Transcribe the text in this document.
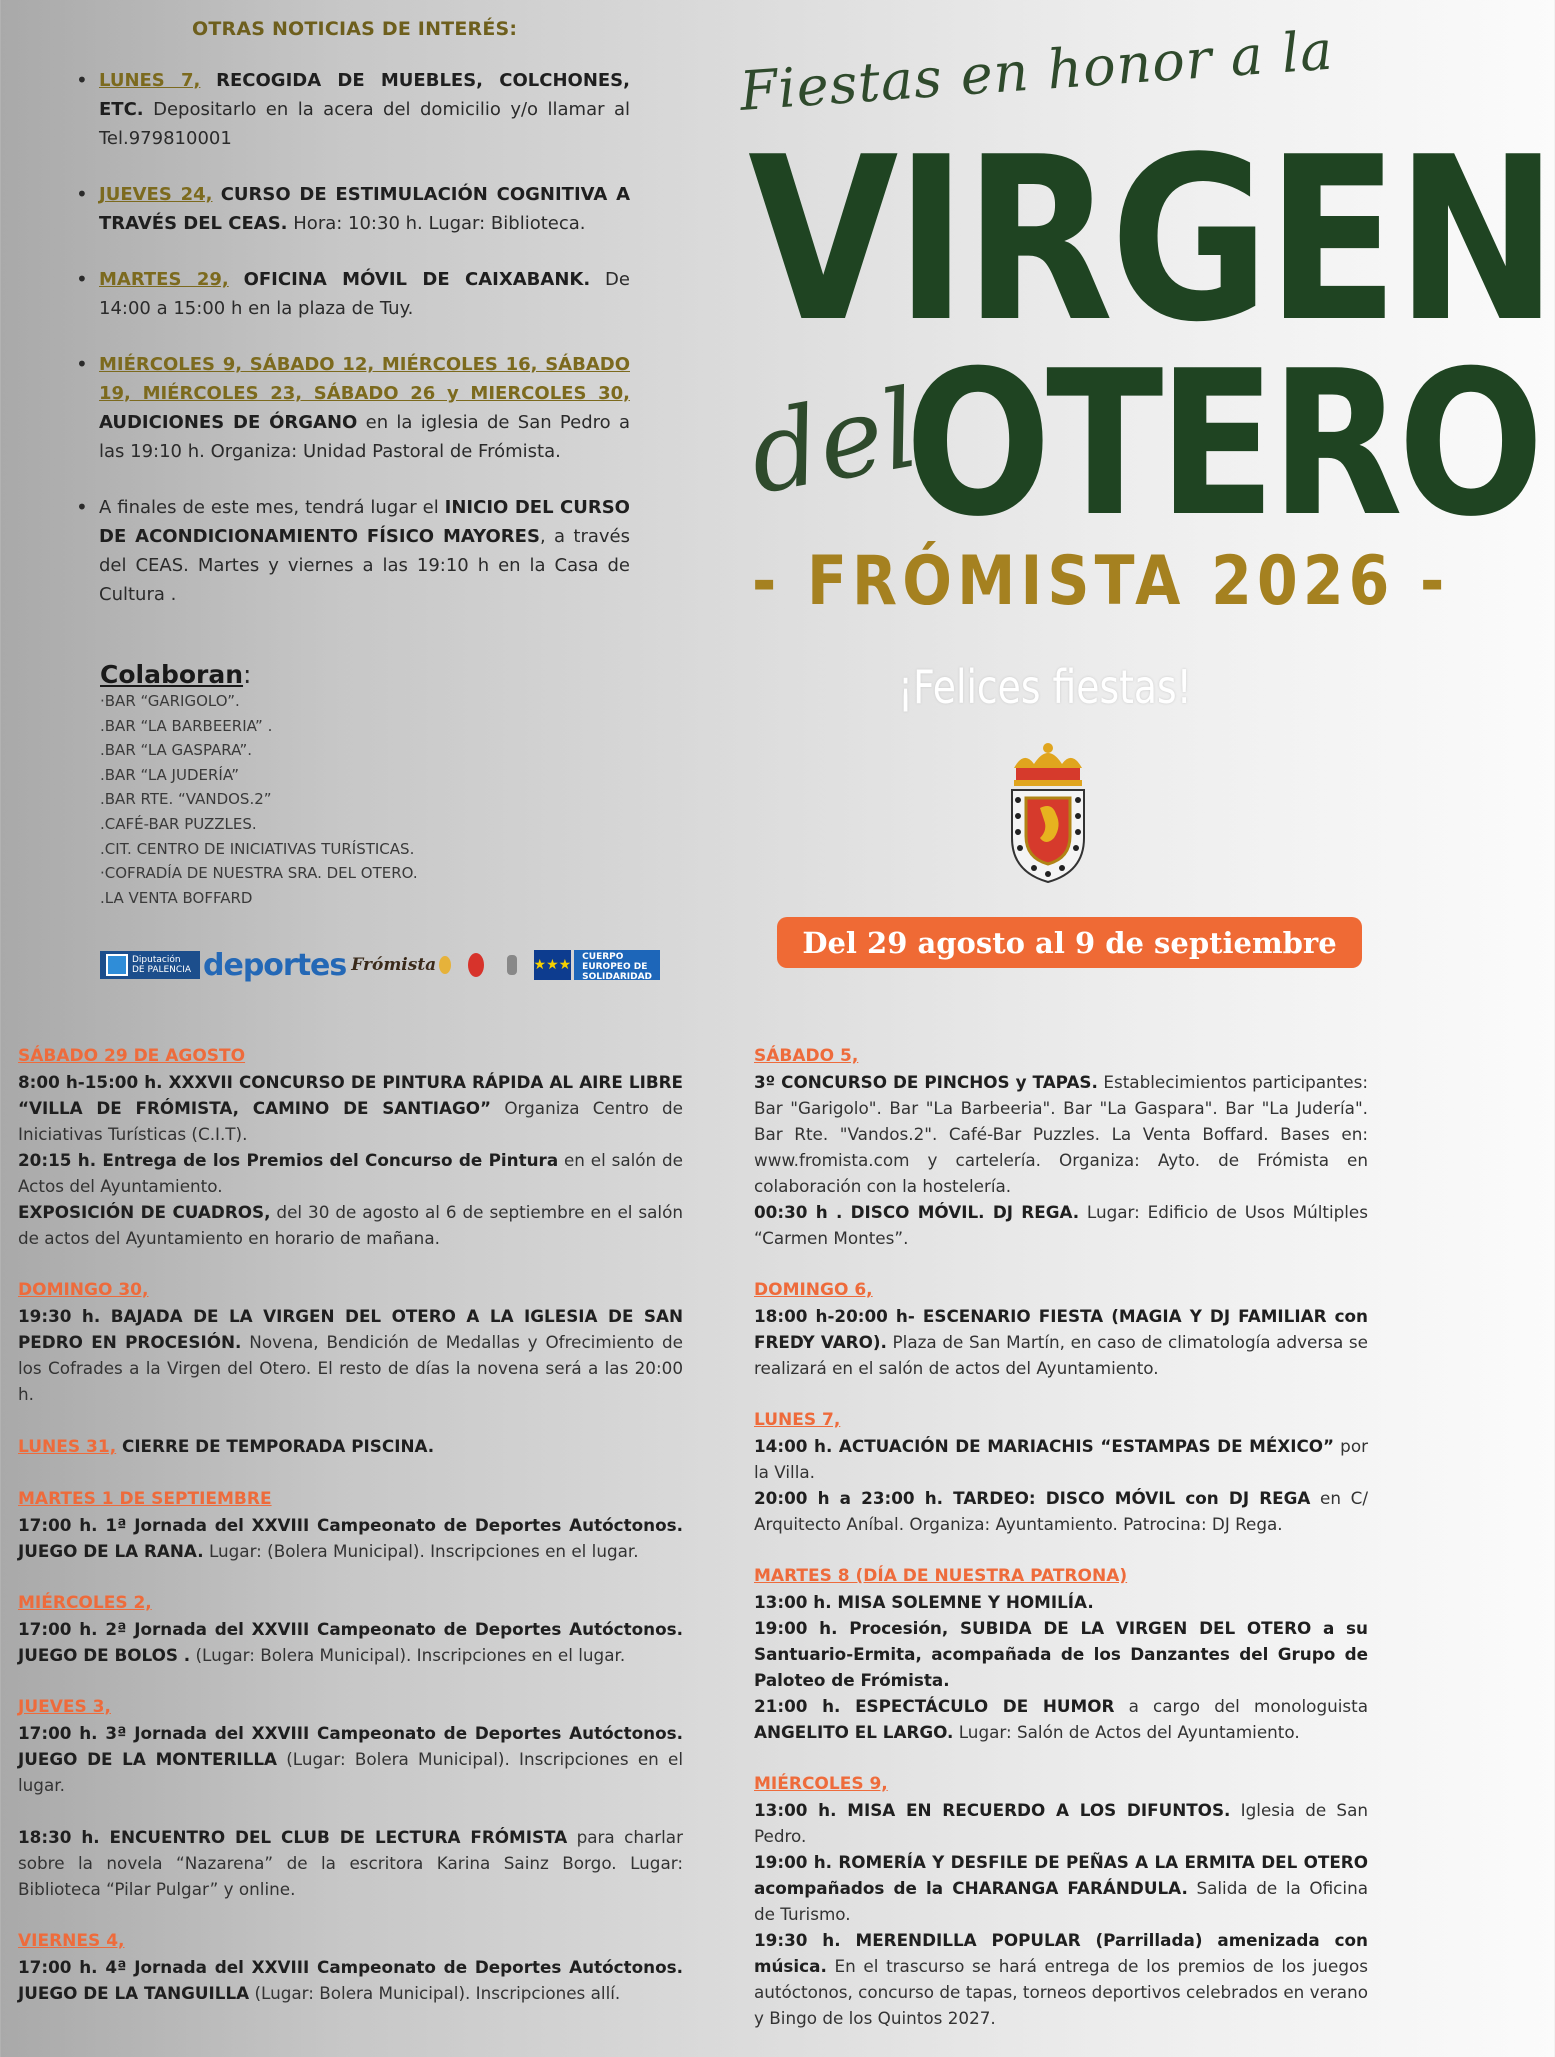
OTRAS NOTICIAS DE INTERÉS:
• LUNES 7, RECOGIDA DE MUEBLES, COLCHONES, ETC. Depositarlo en la acera del domicilio y/o llamar al Tel.979810001
• JUEVES 24, CURSO DE ESTIMULACIÓN COGNITIVA A TRAVÉS DEL CEAS. Hora: 10:30 h. Lugar: Biblioteca.
• MARTES 29, OFICINA MÓVIL DE CAIXABANK. De 14:00 a 15:00 h en la plaza de Tuy.
• MIÉRCOLES 9, SÁBADO 12, MIÉRCOLES 16, SÁBADO 19, MIÉRCOLES 23, SÁBADO 26 y MIERCOLES 30, AUDICIONES DE ÓRGANO en la iglesia de San Pedro a las 19:10 h. Organiza: Unidad Pastoral de Frómista.
• A finales de este mes, tendrá lugar el INICIO DEL CURSO DE ACONDICIONAMIENTO FÍSICO MAYORES, a través del CEAS. Martes y viernes a las 19:10 h en la Casa de Cultura .
Colaboran:
·BAR “GARIGOLO”.
.BAR “LA BARBEERIA” .
.BAR “LA GASPARA”.
.BAR “LA JUDERÍA”
.BAR RTE. “VANDOS.2”
.CAFÉ-BAR PUZZLES.
.CIT. CENTRO DE INICIATIVAS TURÍSTICAS.
·COFRADÍA DE NUESTRA SRA. DEL OTERO.
.LA VENTA BOFFARD
Diputación DE PALENCIA deportes Frómista	★★★	CUERPO EUROPEO DE SOLIDARIDAD
Fiestas en honor a la
VIRGEN
del
OTERO
- FRÓMISTA 2026 -
¡Felices fiestas!
Del 29 agosto al 9 de septiembre
SÁBADO 29 DE AGOSTO
8:00 h-15:00 h. XXXVII CONCURSO DE PINTURA RÁPIDA AL AIRE LIBRE “VILLA DE FRÓMISTA, CAMINO DE SANTIAGO” Organiza Centro de Iniciativas Turísticas (C.I.T).
20:15 h. Entrega de los Premios del Concurso de Pintura en el salón de Actos del Ayuntamiento.
EXPOSICIÓN DE CUADROS, del 30 de agosto al 6 de septiembre en el salón de actos del Ayuntamiento en horario de mañana.
DOMINGO 30,
19:30 h. BAJADA DE LA VIRGEN DEL OTERO A LA IGLESIA DE SAN PEDRO EN PROCESIÓN. Novena, Bendición de Medallas y Ofrecimiento de los Cofrades a la Virgen del Otero. El resto de días la novena será a las 20:00 h.
LUNES 31, CIERRE DE TEMPORADA PISCINA.
MARTES 1 DE SEPTIEMBRE
17:00 h. 1ª Jornada del XXVIII Campeonato de Deportes Autóctonos. JUEGO DE LA RANA. Lugar: (Bolera Municipal). Inscripciones en el lugar.
MIÉRCOLES 2,
17:00 h. 2ª Jornada del XXVIII Campeonato de Deportes Autóctonos. JUEGO DE BOLOS . (Lugar: Bolera Municipal). Inscripciones en el lugar.
JUEVES 3,
17:00 h. 3ª Jornada del XXVIII Campeonato de Deportes Autóctonos. JUEGO DE LA MONTERILLA (Lugar: Bolera Municipal). Inscripciones en el lugar.
18:30 h. ENCUENTRO DEL CLUB DE LECTURA FRÓMISTA para charlar sobre la novela “Nazarena” de la escritora Karina Sainz Borgo. Lugar: Biblioteca “Pilar Pulgar” y online.
VIERNES 4,
17:00 h. 4ª Jornada del XXVIII Campeonato de Deportes Autóctonos. JUEGO DE LA TANGUILLA (Lugar: Bolera Municipal). Inscripciones allí.
SÁBADO 5,
3º CONCURSO DE PINCHOS y TAPAS. Establecimientos participantes: Bar "Garigolo". Bar "La Barbeeria". Bar "La Gaspara". Bar "La Judería". Bar Rte. "Vandos.2". Café-Bar Puzzles. La Venta Boffard. Bases en: www.fromista.com y cartelería. Organiza: Ayto. de Frómista en colaboración con la hostelería.
00:30 h . DISCO MÓVIL. DJ REGA. Lugar: Edificio de Usos Múltiples “Carmen Montes”.
DOMINGO 6,
18:00 h-20:00 h- ESCENARIO FIESTA (MAGIA Y DJ FAMILIAR con FREDY VARO). Plaza de San Martín, en caso de climatología adversa se realizará en el salón de actos del Ayuntamiento.
LUNES 7,
14:00 h. ACTUACIÓN DE MARIACHIS “ESTAMPAS DE MÉXICO” por la Villa.
20:00 h a 23:00 h. TARDEO: DISCO MÓVIL con DJ REGA en C/ Arquitecto Aníbal. Organiza: Ayuntamiento. Patrocina: DJ Rega.
MARTES 8 (DÍA DE NUESTRA PATRONA)
13:00 h. MISA SOLEMNE Y HOMILÍA.
19:00 h. Procesión, SUBIDA DE LA VIRGEN DEL OTERO a su Santuario-Ermita, acompañada de los Danzantes del Grupo de Paloteo de Frómista.
21:00 h. ESPECTÁCULO DE HUMOR a cargo del monologuista ANGELITO EL LARGO. Lugar: Salón de Actos del Ayuntamiento.
MIÉRCOLES 9,
13:00 h. MISA EN RECUERDO A LOS DIFUNTOS. Iglesia de San Pedro.
19:00 h. ROMERÍA Y DESFILE DE PEÑAS A LA ERMITA DEL OTERO acompañados de la CHARANGA FARÁNDULA. Salida de la Oficina de Turismo.
19:30 h. MERENDILLA POPULAR (Parrillada) amenizada con música. En el trascurso se hará entrega de los premios de los juegos autóctonos, concurso de tapas, torneos deportivos celebrados en verano y Bingo de los Quintos 2027.
